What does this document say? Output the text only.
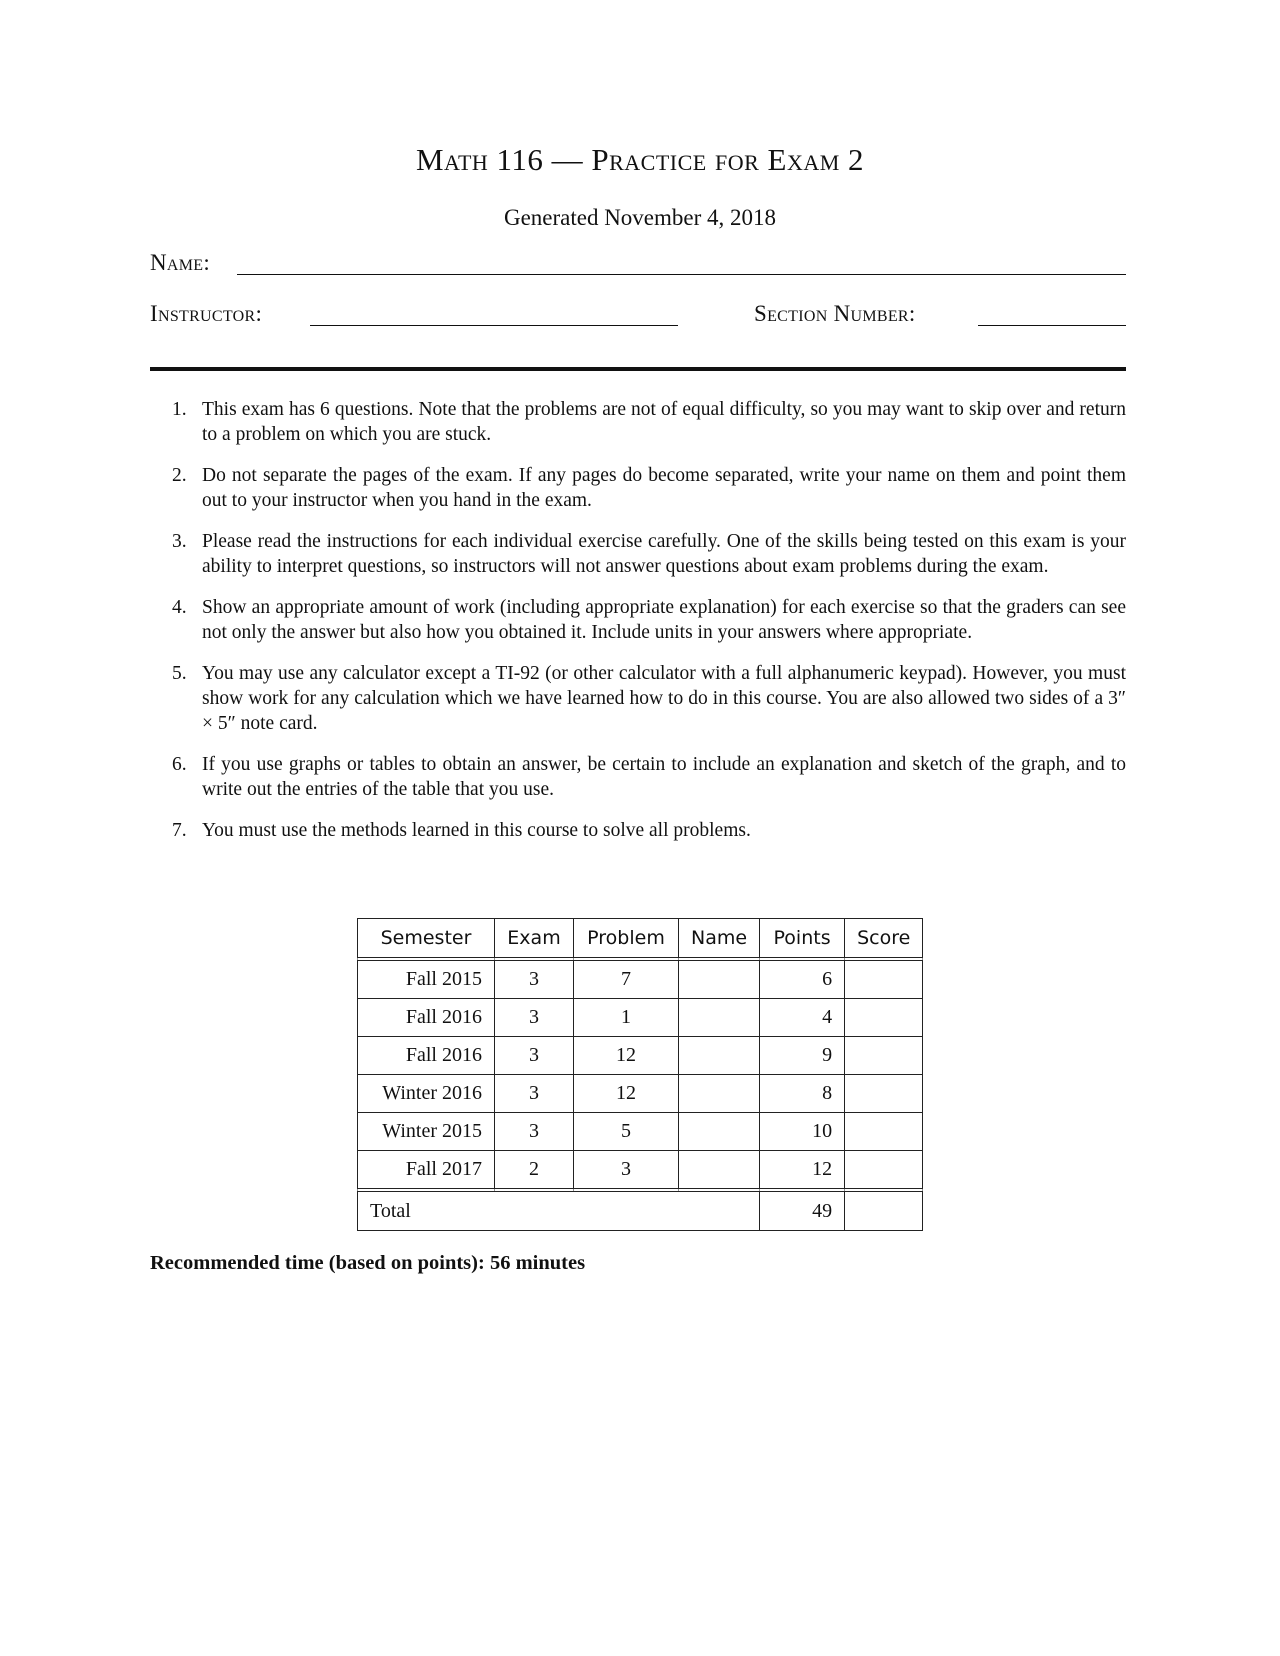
Math 116 — Practice for Exam 2
Generated November 4, 2018
Name:
Instructor:	Section Number:
1. This exam has 6 questions. Note that the problems are not of equal difficulty, so you may want to skip over and return to a problem on which you are stuck.
2. Do not separate the pages of the exam. If any pages do become separated, write your name on them and point them out to your instructor when you hand in the exam.
3. Please read the instructions for each individual exercise carefully. One of the skills being tested on this exam is your ability to interpret questions, so instructors will not answer questions about exam problems during the exam.
4. Show an appropriate amount of work (including appropriate explanation) for each exercise so that the graders can see not only the answer but also how you obtained it. Include units in your answers where appropriate.
5. You may use any calculator except a TI-92 (or other calculator with a full alphanumeric keypad). However, you must show work for any calculation which we have learned how to do in this course. You are also allowed two sides of a 3″ × 5″ note card.
6. If you use graphs or tables to obtain an answer, be certain to include an explanation and sketch of the graph, and to write out the entries of the table that you use.
7. You must use the methods learned in this course to solve all problems.
Semester	Exam	Problem	Name	Points	Score
Fall 2015	3	7		6	
Fall 2016	3	1		4	
Fall 2016	3	12		9	
Winter 2016	3	12		8	
Winter 2015	3	5		10	
Fall 2017	2	3		12	
Total				49	
Recommended time (based on points): 56 minutes
